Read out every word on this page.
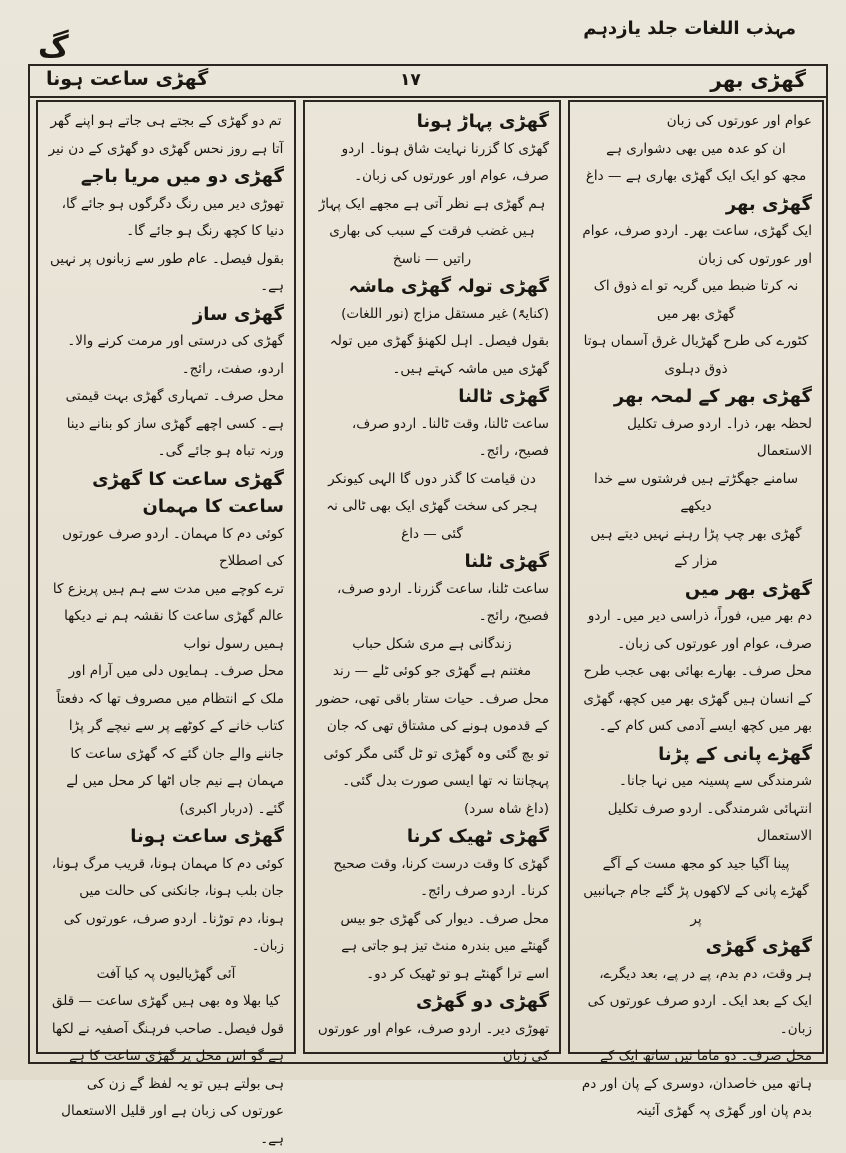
مہذب اللغات جلد یازدہم
گ
گھڑی بھر
۱۷
گھڑی ساعت ہونا

عوام اور عورتوں کی زبان

ان کو عدہ میں بھی دشواری ہے

مجھ کو ایک ایک گھڑی بھاری ہے — داغ

گھڑی بھر

ایک گھڑی، ساعت بھر۔ اردو صرف، عوام اور عورتوں کی زبان

نہ کرتا ضبط میں گریہ تو اے ذوق اک گھڑی بھر میں

کٹورے کی طرح گھڑیال غرق آسماں ہوتا

ذوق دہلوی

گھڑی بھر کے لمحہ بھر

لحظہ بھر، ذرا۔ اردو صرف تکلیل الاستعمال

سامنے جھگڑتے ہیں فرشتوں سے خدا دیکھے

گھڑی بھر چپ پڑا رہنے نہیں دیتے ہیں مزار کے

گھڑی بھر میں

دم بھر میں، فوراً، ذراسی دیر میں۔ اردو صرف، عوام اور عورتوں کی زبان۔

محل صرف۔ بھارے بھائی بھی عجب طرح کے انسان ہیں گھڑی بھر میں کچھ، گھڑی بھر میں کچھ ایسے آدمی کس کام کے۔

گھڑے پانی کے پڑنا

شرمندگی سے پسینہ میں نہا جانا۔ انتہائی شرمندگی۔ اردو صرف تکلیل الاستعمال

پینا آگیا جید کو مجھ مست کے آگے

گھڑے پانی کے لاکھوں پڑ گئے جام جہانبیں پر

گھڑی گھڑی

ہر وقت، دم بدم، پے در پے، بعد دیگرے، ایک کے بعد ایک۔ اردو صرف عورتوں کی زبان۔

محل صرف۔ دو ماما ئیں ساتھ ایک کے ہاتھ میں خاصدان، دوسری کے پان اور دم بدم پان اور گھڑی پہ گھڑی آئینہ

گھڑی پہاڑ ہونا

گھڑی کا گزرنا نہایت شاق ہونا۔ اردو صرف، عوام اور عورتوں کی زبان۔

ہم گھڑی ہے نظر آتی ہے مجھے ایک پہاڑ

ہیں غضب فرقت کے سبب کی بھاری راتیں — ناسخ

گھڑی تولہ گھڑی ماشہ

(کنایۃً) غیر مستقل مزاج (نور اللغات)

بقول فیصل۔ اہل لکھنؤ گھڑی میں تولہ گھڑی میں ماشہ کہتے ہیں۔

گھڑی ٹالنا

ساعت ٹالنا، وقت ٹالنا۔ اردو صرف، فصیح، رائج۔

دن قیامت کا گذر دوں گا الہی کیونکر

ہجر کی سخت گھڑی ایک بھی ٹالی نہ گئی — داغ

گھڑی ٹلنا

ساعت ٹلنا، ساعت گزرنا۔ اردو صرف، فصیح، رائج۔

زندگانی ہے مری شکل حباب

مغتنم ہے گھڑی جو کوئی ٹلے — رند

محل صرف۔ حیات ستار باقی تھی، حضور کے قدموں ہونے کی مشتاق تھی کہ جان تو بچ گئی وہ گھڑی تو ٹل گئی مگر کوئی پہچانتا نہ تھا ایسی صورت بدل گئی۔ (داغ شاہ سرد)

گھڑی ٹھیک کرنا

گھڑی کا وقت درست کرنا، وقت صحیح کرنا۔ اردو صرف رائج۔

محل صرف۔ دیوار کی گھڑی جو بیس گھنٹے میں بندرہ منٹ تیز ہو جاتی ہے اسے ترا گھنٹے ہو تو ٹھیک کر دو۔

گھڑی دو گھڑی

تھوڑی دیر۔ اردو صرف، عوام اور عورتوں کی زبان

تم دو گھڑی کے بجتے ہی جاتے ہو اپنے گھر

آتا ہے روز نحس گھڑی دو گھڑی کے دن نیر

گھڑی دو میں مریا باجے

تھوڑی دیر میں رنگ دگرگوں ہو جائے گا، دنیا کا کچھ رنگ ہو جائے گا۔

بقول فیصل۔ عام طور سے زبانوں پر نہیں ہے۔

گھڑی ساز

گھڑی کی درستی اور مرمت کرنے والا۔ اردو، صفت، رائج۔

محل صرف۔ تمہاری گھڑی بہت قیمتی ہے۔ کسی اچھے گھڑی ساز کو بنانے دینا ورنہ تباہ ہو جائے گی۔

گھڑی ساعت کا گھڑی ساعت کا مہمان

کوئی دم کا مہمان۔ اردو صرف عورتوں کی اصطلاح

ترے کوچے میں مدت سے ہم ہیں پریزع کا عالم گھڑی ساعت کا نقشہ ہم نے دیکھا ہمیں رسول نواب

محل صرف۔ ہمایوں دلی میں آرام اور ملک کے انتظام میں مصروف تھا کہ دفعتاً کتاب خانے کے کوٹھے پر سے نیچے گر پڑا جاننے والے جان گئے کہ گھڑی ساعت کا مہمان ہے نیم جاں اٹھا کر محل میں لے گئے۔ (دربار اکبری)

گھڑی ساعت ہونا

کوئی دم کا مہمان ہونا، قریب مرگ ہونا، جان بلب ہونا، جانکنی کی حالت میں ہونا، دم توڑنا۔ اردو صرف، عورتوں کی زبان۔

آئی گھڑیالیوں پہ کیا آفت

کیا بھلا وہ بھی ہیں گھڑی ساعت — قلق

قول فیصل۔ صاحب فرہنگ آصفیہ نے لکھا ہے گو اس محل پر گھڑی ساعت کا ہے ہی بولتے ہیں تو یہ لفظ گے زن کی عورتوں کی زبان ہے اور قلیل الاستعمال ہے۔
